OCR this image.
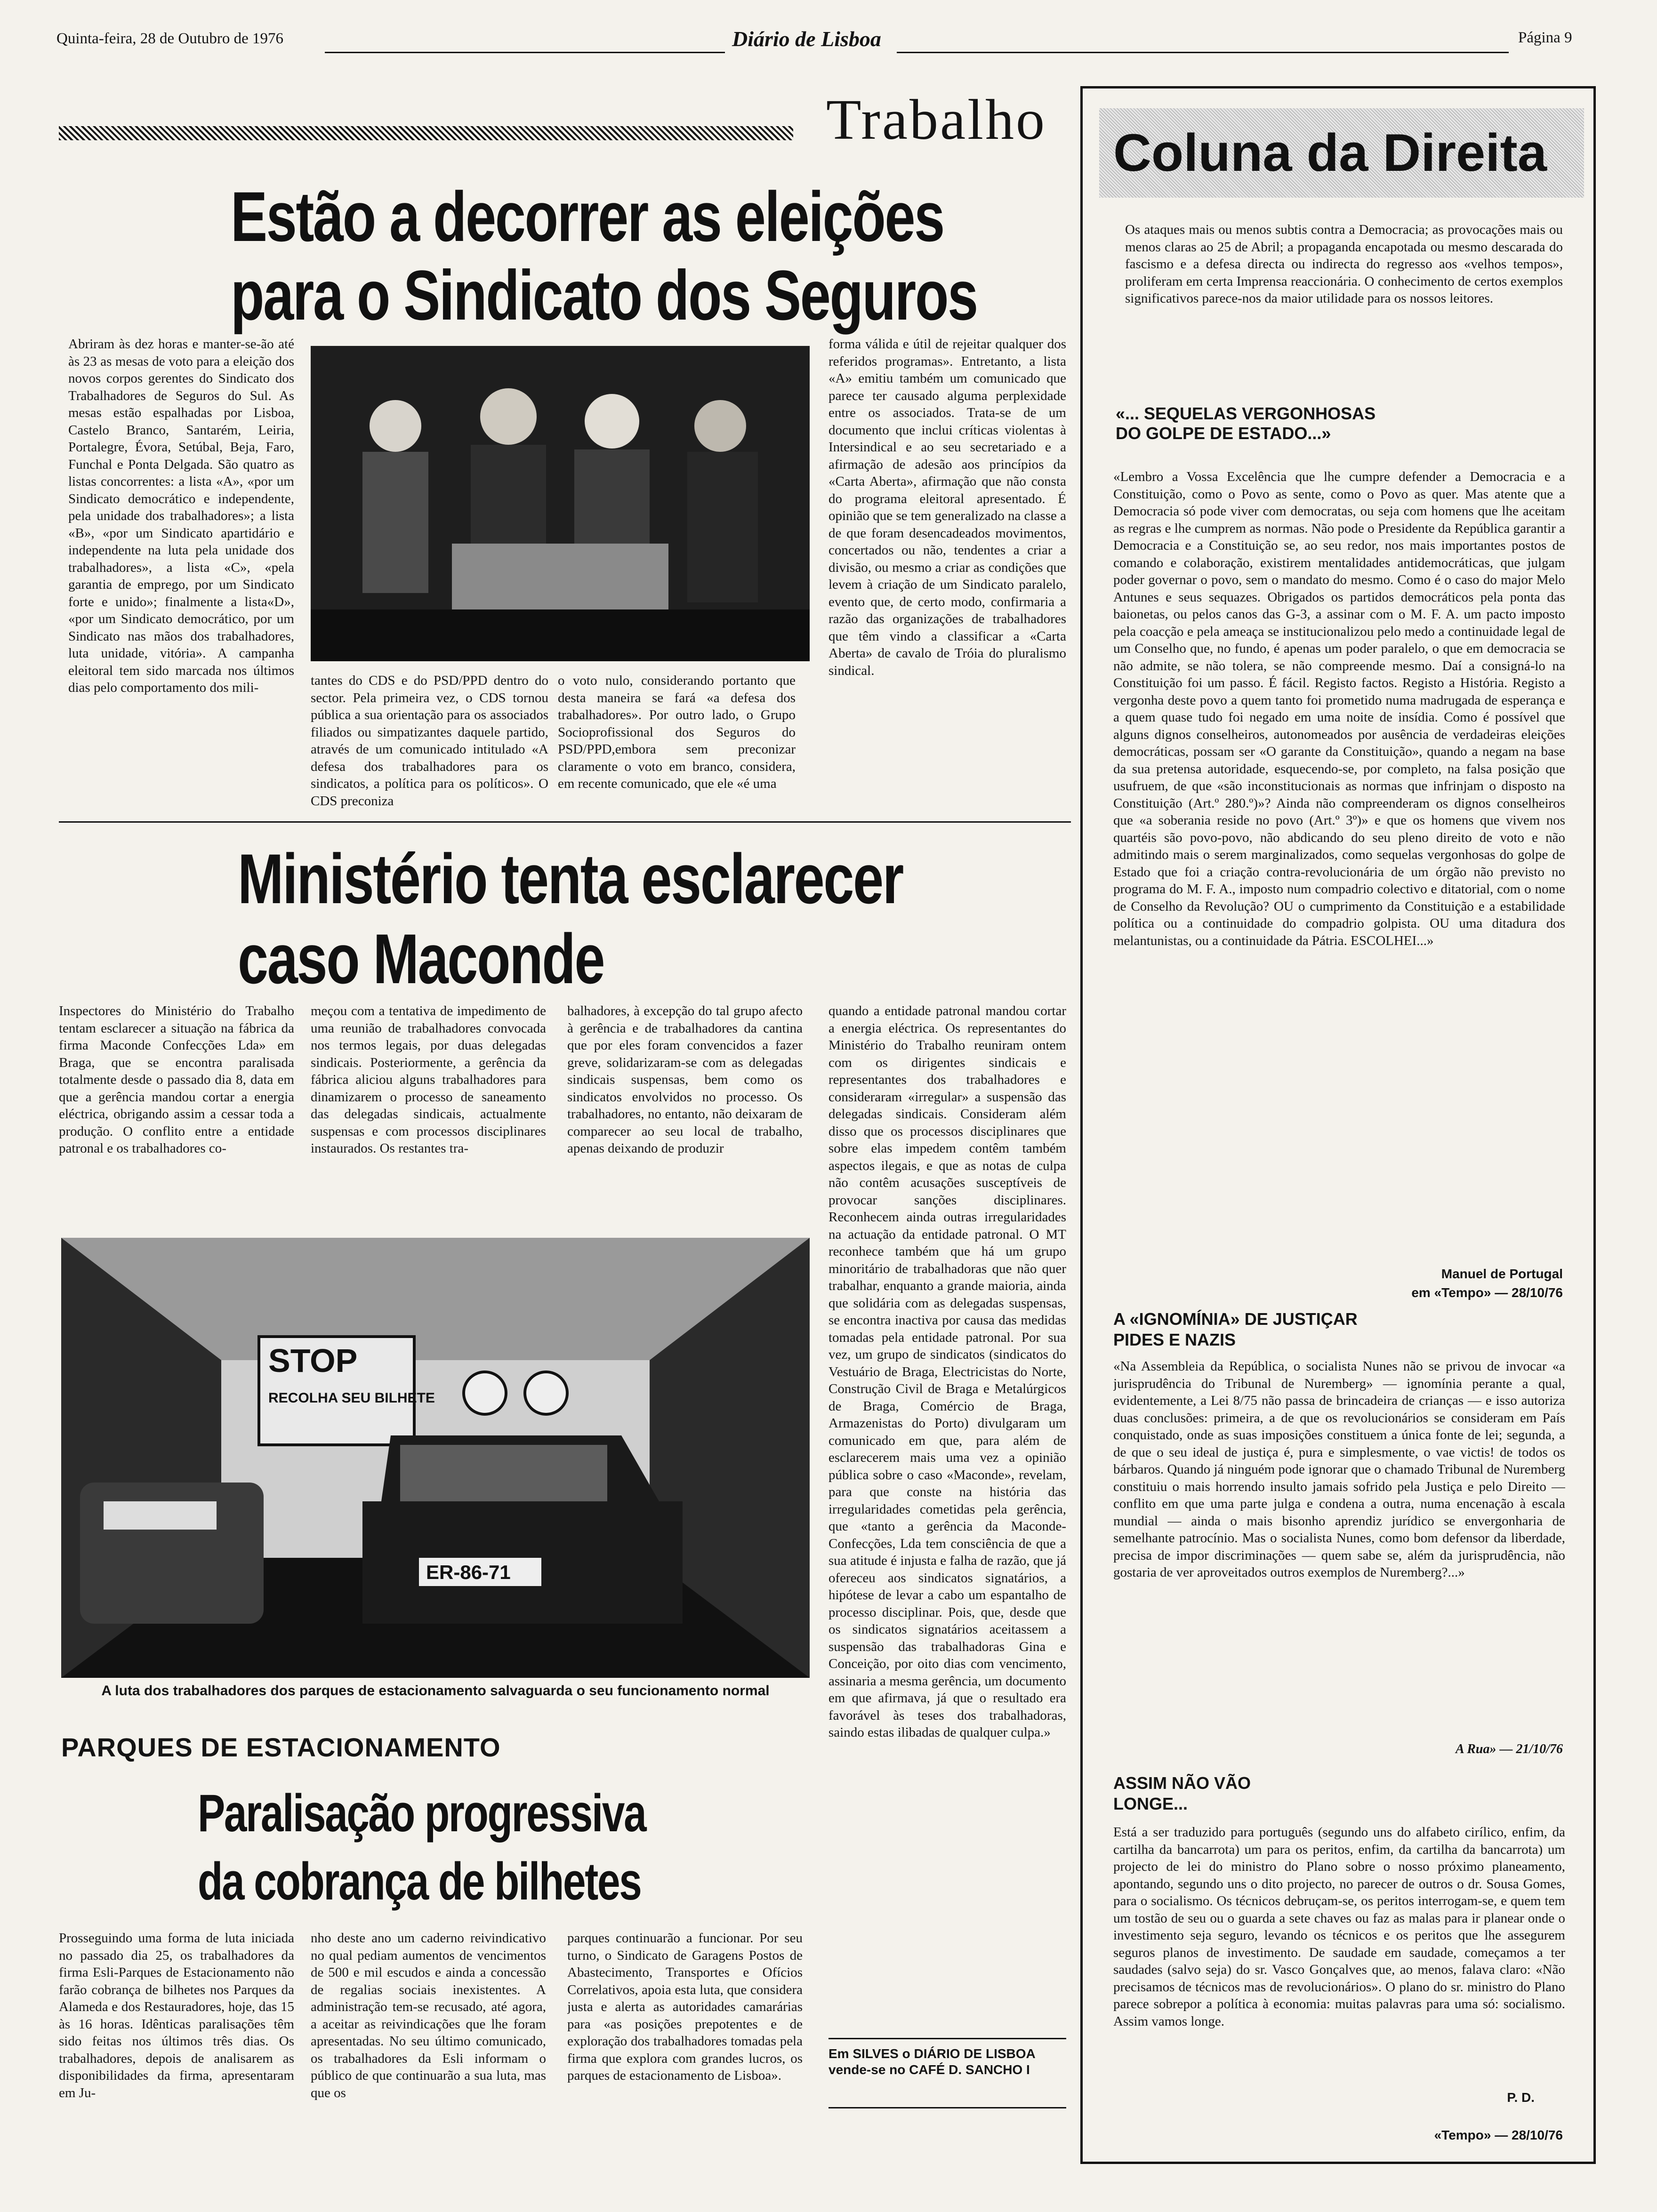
Quinta-feira, 28 de Outubro de 1976	Diário de Lisboa	Página 9
Trabalho
Estão a decorrer as eleições
para o Sindicato dos Seguros
Abriram às dez horas e manter-se-ão até às 23 as mesas de voto para a eleição dos novos corpos gerentes do Sindicato dos Trabalhadores de Seguros do Sul. As mesas estão espalhadas por Lisboa, Castelo Branco, Santarém, Leiria, Portalegre, Évora, Setúbal, Beja, Faro, Funchal e Ponta Delgada. São quatro as listas concorrentes: a lista «A», «por um Sindicato democrático e independente, pela unidade dos trabalhadores»; a lista «B», «por um Sindicato apartidário e independente na luta pela unidade dos trabalhadores», a lista «C», «pela garantia de emprego, por um Sindicato forte e unido»; finalmente a lista«D», «por um Sindicato democrático, por um Sindicato nas mãos dos trabalhadores, luta unidade, vitória». A campanha eleitoral tem sido marcada nos últimos dias pelo comportamento dos mili-	tantes do CDS e do PSD/PPD dentro do sector. Pela primeira vez, o CDS tornou pública a sua orientação para os associados filiados ou simpatizantes daquele partido, através de um comunicado intitulado «A defesa dos trabalhadores para os sindicatos, a política para os políticos». O CDS preconiza
o voto nulo, considerando portanto que desta maneira se fará «a defesa dos trabalhadores». Por outro lado, o Grupo Socioprofissional dos Seguros do PSD/PPD,embora sem preconizar claramente o voto em branco, considera, em recente comunicado, que ele «é uma
forma válida e útil de rejeitar qualquer dos referidos programas». Entretanto, a lista «A» emitiu também um comunicado que parece ter causado alguma perplexidade entre os associados. Trata-se de um documento que inclui críticas violentas à Intersindical e ao seu secretariado e a afirmação de adesão aos princípios da «Carta Aberta», afirmação que não consta do programa eleitoral apresentado. É opinião que se tem generalizado na classe a de que foram desencadeados movimentos, concertados ou não, tendentes a criar a divisão, ou mesmo a criar as condições que levem à criação de um Sindicato paralelo, evento que, de certo modo, confirmaria a razão das organizações de trabalhadores que têm vindo a classificar a «Carta Aberta» de cavalo de Tróia do pluralismo sindical.
Ministério tenta esclarecer
caso Maconde
Inspectores do Ministério do Trabalho tentam esclarecer a situação na fábrica da firma Maconde Confecções Lda» em Braga, que se encontra paralisada totalmente desde o passado dia 8, data em que a gerência mandou cortar a energia eléctrica, obrigando assim a cessar toda a produção. O conflito entre a entidade patronal e os trabalhadores co-
meçou com a tentativa de impedimento de uma reunião de trabalhadores convocada nos termos legais, por duas delegadas sindicais. Posteriormente, a gerência da fábrica aliciou alguns trabalhadores para dinamizarem o processo de saneamento das delegadas sindicais, actualmente suspensas e com processos disciplinares instaurados. Os restantes tra-
balhadores, à excepção do tal grupo afecto à gerência e de trabalhadores da cantina que por eles foram convencidos a fazer greve, solidarizaram-se com as delegadas sindicais suspensas, bem como os sindicatos envolvidos no processo. Os trabalhadores, no entanto, não deixaram de comparecer ao seu local de trabalho, apenas deixando de produzir
quando a entidade patronal mandou cortar a energia eléctrica. Os representantes do Ministério do Trabalho reuniram ontem com os dirigentes sindicais e representantes dos trabalhadores e consideraram «irregular» a suspensão das delegadas sindicais. Consideram além disso que os processos disciplinares que sobre elas impedem contêm também aspectos ilegais, e que as notas de culpa não contêm acusações susceptíveis de provocar sanções disciplinares. Reconhecem ainda outras irregularidades na actuação da entidade patronal. O MT reconhece também que há um grupo minoritário de trabalhadoras que não quer trabalhar, enquanto a grande maioria, ainda que solidária com as delegadas suspensas, se encontra inactiva por causa das medidas tomadas pela entidade patronal. Por sua vez, um grupo de sindicatos (sindicatos do Vestuário de Braga, Electricistas do Norte, Construção Civil de Braga e Metalúrgicos de Braga, Comércio de Braga, Armazenistas do Porto) divulgaram um comunicado em que, para além de esclarecerem mais uma vez a opinião pública sobre o caso «Maconde», revelam, para que conste na história das irregularidades cometidas pela gerência, que «tanto a gerência da Maconde-Confecções, Lda tem consciência de que a sua atitude é injusta e falha de razão, que já ofereceu aos sindicatos signatários, a hipótese de levar a cabo um espantalho de processo disciplinar. Pois, que, desde que os sindicatos signatários aceitassem a suspensão das trabalhadoras Gina e Conceição, por oito dias com vencimento, assinaria a mesma gerência, um documento em que afirmava, já que o resultado era favorável às teses dos trabalhadoras, saindo estas ilibadas de qualquer culpa.»
STOP
RECOLHA SEU BILHETE
ER-86-71
A luta dos trabalhadores dos parques de estacionamento salvaguarda o seu funcionamento normal
PARQUES DE ESTACIONAMENTO
Paralisação progressiva
da cobrança de bilhetes
Prosseguindo uma forma de luta iniciada no passado dia 25, os trabalhadores da firma Esli-Parques de Estacionamento não farão cobrança de bilhetes nos Parques da Alameda e dos Restauradores, hoje, das 15 às 16 horas. Idênticas paralisações têm sido feitas nos últimos três dias. Os trabalhadores, depois de analisarem as disponibilidades da firma, apresentaram em Ju-
nho deste ano um caderno reivindicativo no qual pediam aumentos de vencimentos de 500 e mil escudos e ainda a concessão de regalias sociais inexistentes. A administração tem-se recusado, até agora, a aceitar as reivindicações que lhe foram apresentadas. No seu último comunicado, os trabalhadores da Esli informam o público de que continuarão a sua luta, mas que os
parques continuarão a funcionar. Por seu turno, o Sindicato de Garagens Postos de Abastecimento, Transportes e Ofícios Correlativos, apoia esta luta, que considera justa e alerta as autoridades camarárias para «as posições prepotentes e de exploração dos trabalhadores tomadas pela firma que explora com grandes lucros, os parques de estacionamento de Lisboa».
Em SILVES o DIÁRIO DE LISBOA vende-se no CAFÉ D. SANCHO I
Coluna da Direita
Os ataques mais ou menos subtis contra a Democracia; as provocações mais ou menos claras ao 25 de Abril; a propaganda encapotada ou mesmo descarada do fascismo e a defesa directa ou indirecta do regresso aos «velhos tempos», proliferam em certa Imprensa reaccionária. O conhecimento de certos exemplos significativos parece-nos da maior utilidade para os nossos leitores.
«... SEQUELAS VERGONHOSAS
DO GOLPE DE ESTADO...»
«Lembro a Vossa Excelência que lhe cumpre defender a Democracia e a Constituição, como o Povo as sente, como o Povo as quer. Mas atente que a Democracia só pode viver com democratas, ou seja com homens que lhe aceitam as regras e lhe cumprem as normas. Não pode o Presidente da República garantir a Democracia e a Constituição se, ao seu redor, nos mais importantes postos de comando e colaboração, existirem mentalidades antidemocráticas, que julgam poder governar o povo, sem o mandato do mesmo. Como é o caso do major Melo Antunes e seus sequazes. Obrigados os partidos democráticos pela ponta das baionetas, ou pelos canos das G-3, a assinar com o M. F. A. um pacto imposto pela coacção e pela ameaça se institucionalizou pelo medo a continuidade legal de um Conselho que, no fundo, é apenas um poder paralelo, o que em democracia se não admite, se não tolera, se não compreende mesmo. Daí a consigná-lo na Constituição foi um passo. É fácil. Registo factos. Registo a História. Registo a vergonha deste povo a quem tanto foi prometido numa madrugada de esperança e a quem quase tudo foi negado em uma noite de insídia. Como é possível que alguns dignos conselheiros, autonomeados por ausência de verdadeiras eleições democráticas, possam ser «O garante da Constituição», quando a negam na base da sua pretensa autoridade, esquecendo-se, por completo, na falsa posição que usufruem, de que «são inconstitucionais as normas que infrinjam o disposto na Constituição (Art.º 280.º)»? Ainda não compreenderam os dignos conselheiros que «a soberania reside no povo (Art.º 3º)» e que os homens que vivem nos quartéis são povo-povo, não abdicando do seu pleno direito de voto e não admitindo mais o serem marginalizados, como sequelas vergonhosas do golpe de Estado que foi a criação contra-revolucionária de um órgão não previsto no programa do M. F. A., imposto num compadrio colectivo e ditatorial, com o nome de Conselho da Revolução? OU o cumprimento da Constituição e a estabilidade política ou a continuidade do compadrio golpista. OU uma ditadura dos melantunistas, ou a continuidade da Pátria. ESCOLHEI...»
Manuel de Portugal
em «Tempo» — 28/10/76
A «IGNOMÍNIA» DE JUSTIÇAR
PIDES E NAZIS
«Na Assembleia da República, o socialista Nunes não se privou de invocar «a jurisprudência do Tribunal de Nuremberg» — ignomínia perante a qual, evidentemente, a Lei 8/75 não passa de brincadeira de crianças — e isso autoriza duas conclusões: primeira, a de que os revolucionários se consideram em País conquistado, onde as suas imposições constituem a única fonte de lei; segunda, a de que o seu ideal de justiça é, pura e simplesmente, o vae victis! de todos os bárbaros. Quando já ninguém pode ignorar que o chamado Tribunal de Nuremberg constituiu o mais horrendo insulto jamais sofrido pela Justiça e pelo Direito — conflito em que uma parte julga e condena a outra, numa encenação à escala mundial — ainda o mais bisonho aprendiz jurídico se envergonharia de semelhante patrocínio. Mas o socialista Nunes, como bom defensor da liberdade, precisa de impor discriminações — quem sabe se, além da jurisprudência, não gostaria de ver aproveitados outros exemplos de Nuremberg?...»
A Rua» — 21/10/76
ASSIM NÃO VÃO
LONGE...
Está a ser traduzido para português (segundo uns do alfabeto cirílico, enfim, da cartilha da bancarrota) um para os peritos, enfim, da cartilha da bancarrota) um projecto de lei do ministro do Plano sobre o nosso próximo planeamento, apontando, segundo uns o dito projecto, no parecer de outros o dr. Sousa Gomes, para o socialismo. Os técnicos debruçam-se, os peritos interrogam-se, e quem tem um tostão de seu ou o guarda a sete chaves ou faz as malas para ir planear onde o investimento seja seguro, levando os técnicos e os peritos que lhe assegurem seguros planos de investimento. De saudade em saudade, começamos a ter saudades (salvo seja) do sr. Vasco Gonçalves que, ao menos, falava claro: «Não precisamos de técnicos mas de revolucionários». O plano do sr. ministro do Plano parece sobrepor a política à economia: muitas palavras para uma só: socialismo. Assim vamos longe.
P. D.
«Tempo» — 28/10/76
